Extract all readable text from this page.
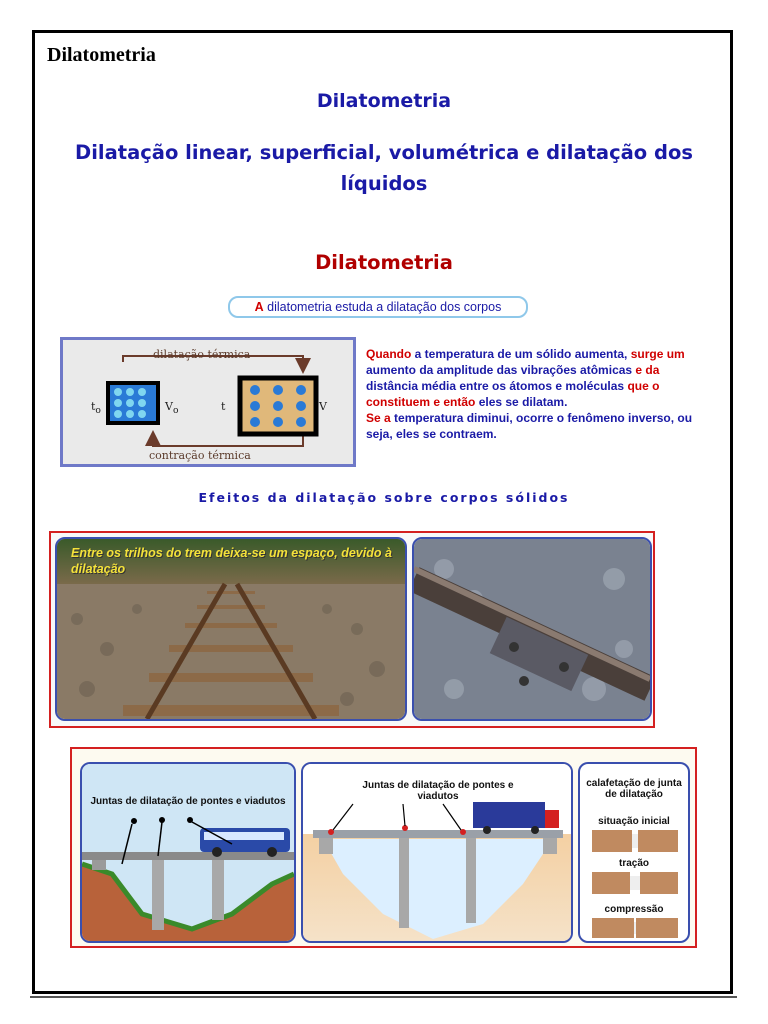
Dilatometria
Dilatometria
Dilatação linear, superficial, volumétrica e dilatação dos líquidos
Dilatometria
A dilatometria estuda a dilatação dos corpos
dilatação térmica
contração térmica
$t_o$	$V_o$	t	V
Quando a temperatura de um sólido aumenta, surge um aumento da amplitude das vibrações atômicas e da distância média entre os átomos e moléculas que o constituem e então eles se dilatam.
Se a temperatura diminui, ocorre o fenômeno inverso, ou seja, eles se contraem.
Efeitos da dilatação sobre corpos sólidos
Entre os trilhos do trem deixa-se um espaço, devido à dilatação
Juntas de dilatação de pontes e viadutos
Juntas de dilatação de pontes e viadutos
calafetação de junta de dilatação
situação inicial
tração
compressão
